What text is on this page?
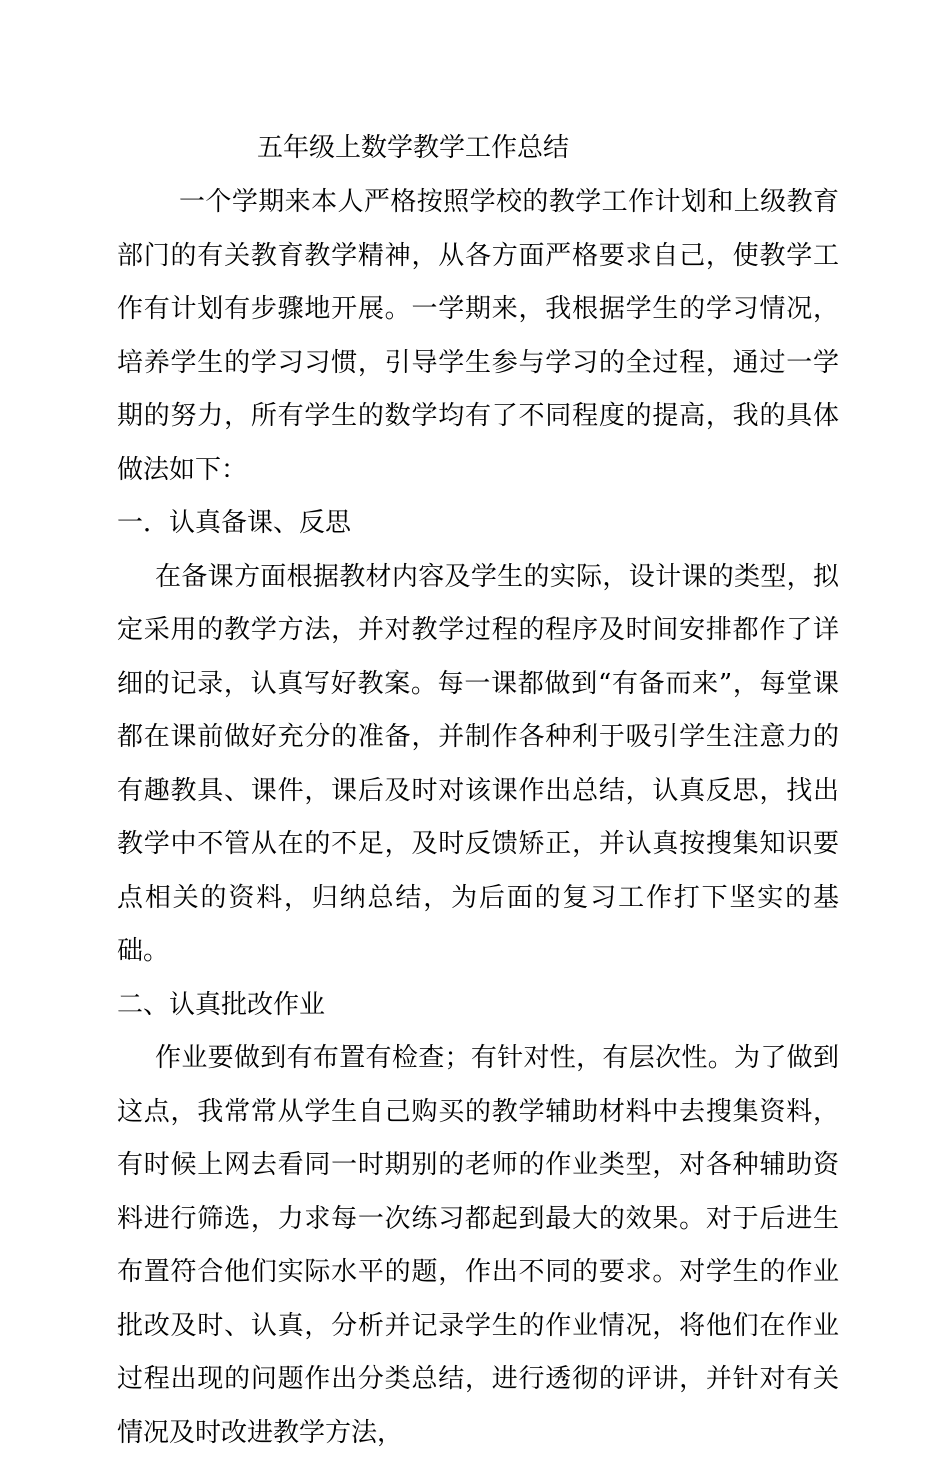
五年级上数学教学工作总结

一个学期来本人严格按照学校的教学工作计划和上级教育部门的有关教育教学精神，从各方面严格要求自己，使教学工作有计划有步骤地开展。一学期来，我根据学生的学习情况，培养学生的学习习惯，引导学生参与学习的全过程，通过一学期的努力，所有学生的数学均有了不同程度的提高，我的具体做法如下：

一．认真备课、反思

在备课方面根据教材内容及学生的实际，设计课的类型，拟定采用的教学方法，并对教学过程的程序及时间安排都作了详细的记录，认真写好教案。每一课都做到“有备而来”，每堂课都在课前做好充分的准备，并制作各种利于吸引学生注意力的有趣教具、课件，课后及时对该课作出总结，认真反思，找出教学中不管从在的不足，及时反馈矫正，并认真按搜集知识要点相关的资料，归纳总结，为后面的复习工作打下坚实的基础。

二、认真批改作业

作业要做到有布置有检查；有针对性，有层次性。为了做到这点，我常常从学生自己购买的教学辅助材料中去搜集资料，有时候上网去看同一时期别的老师的作业类型，对各种辅助资料进行筛选，力求每一次练习都起到最大的效果。对于后进生布置符合他们实际水平的题，作出不同的要求。对学生的作业批改及时、认真，分析并记录学生的作业情况，将他们在作业过程出现的问题作出分类总结，进行透彻的评讲，并针对有关情况及时改进教学方法，
